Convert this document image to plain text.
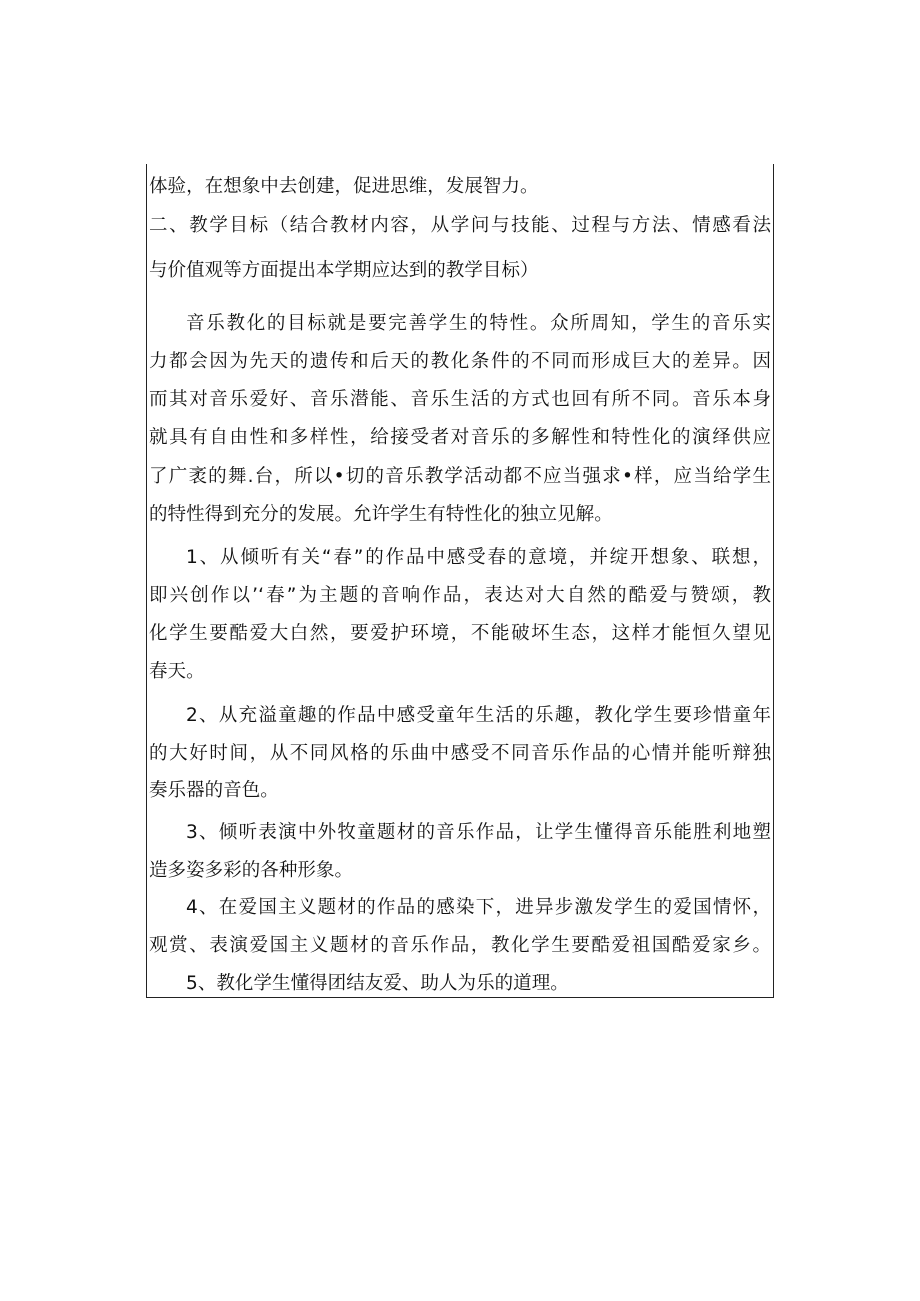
体验，在想象中去创建，促进思维，发展智力。
二、教学目标（结合教材内容，从学问与技能、过程与方法、情感看法
与价值观等方面提出本学期应达到的教学目标）
音乐教化的目标就是要完善学生的特性。众所周知，学生的音乐实
力都会因为先天的遗传和后天的教化条件的不同而形成巨大的差异。因
而其对音乐爱好、音乐潜能、音乐生活的方式也回有所不同。音乐本身
就具有自由性和多样性，给接受者对音乐的多解性和特性化的演绎供应
了广袤的舞.台，所以•切的音乐教学活动都不应当强求•样，应当给学生
的特性得到充分的发展。允许学生有特性化的独立见解。
1、从倾听有关“春”的作品中感受春的意境，并绽开想象、联想，
即兴创作以’‘春”为主题的音响作品，表达对大自然的酷爱与赞颂，教
化学生要酷爱大白然，要爱护环境，不能破坏生态，这样才能恒久望见
春天。
2、从充溢童趣的作品中感受童年生活的乐趣，教化学生要珍惜童年
的大好时间，从不同风格的乐曲中感受不同音乐作品的心情并能听辩独
奏乐器的音色。
3、倾听表演中外牧童题材的音乐作品，让学生懂得音乐能胜利地塑
造多姿多彩的各种形象。
4、在爱国主义题材的作品的感染下，进异步激发学生的爱国情怀，
观赏、表演爱国主义题材的音乐作品，教化学生要酷爱祖国酷爱家乡。
5、教化学生懂得团结友爱、助人为乐的道理。
